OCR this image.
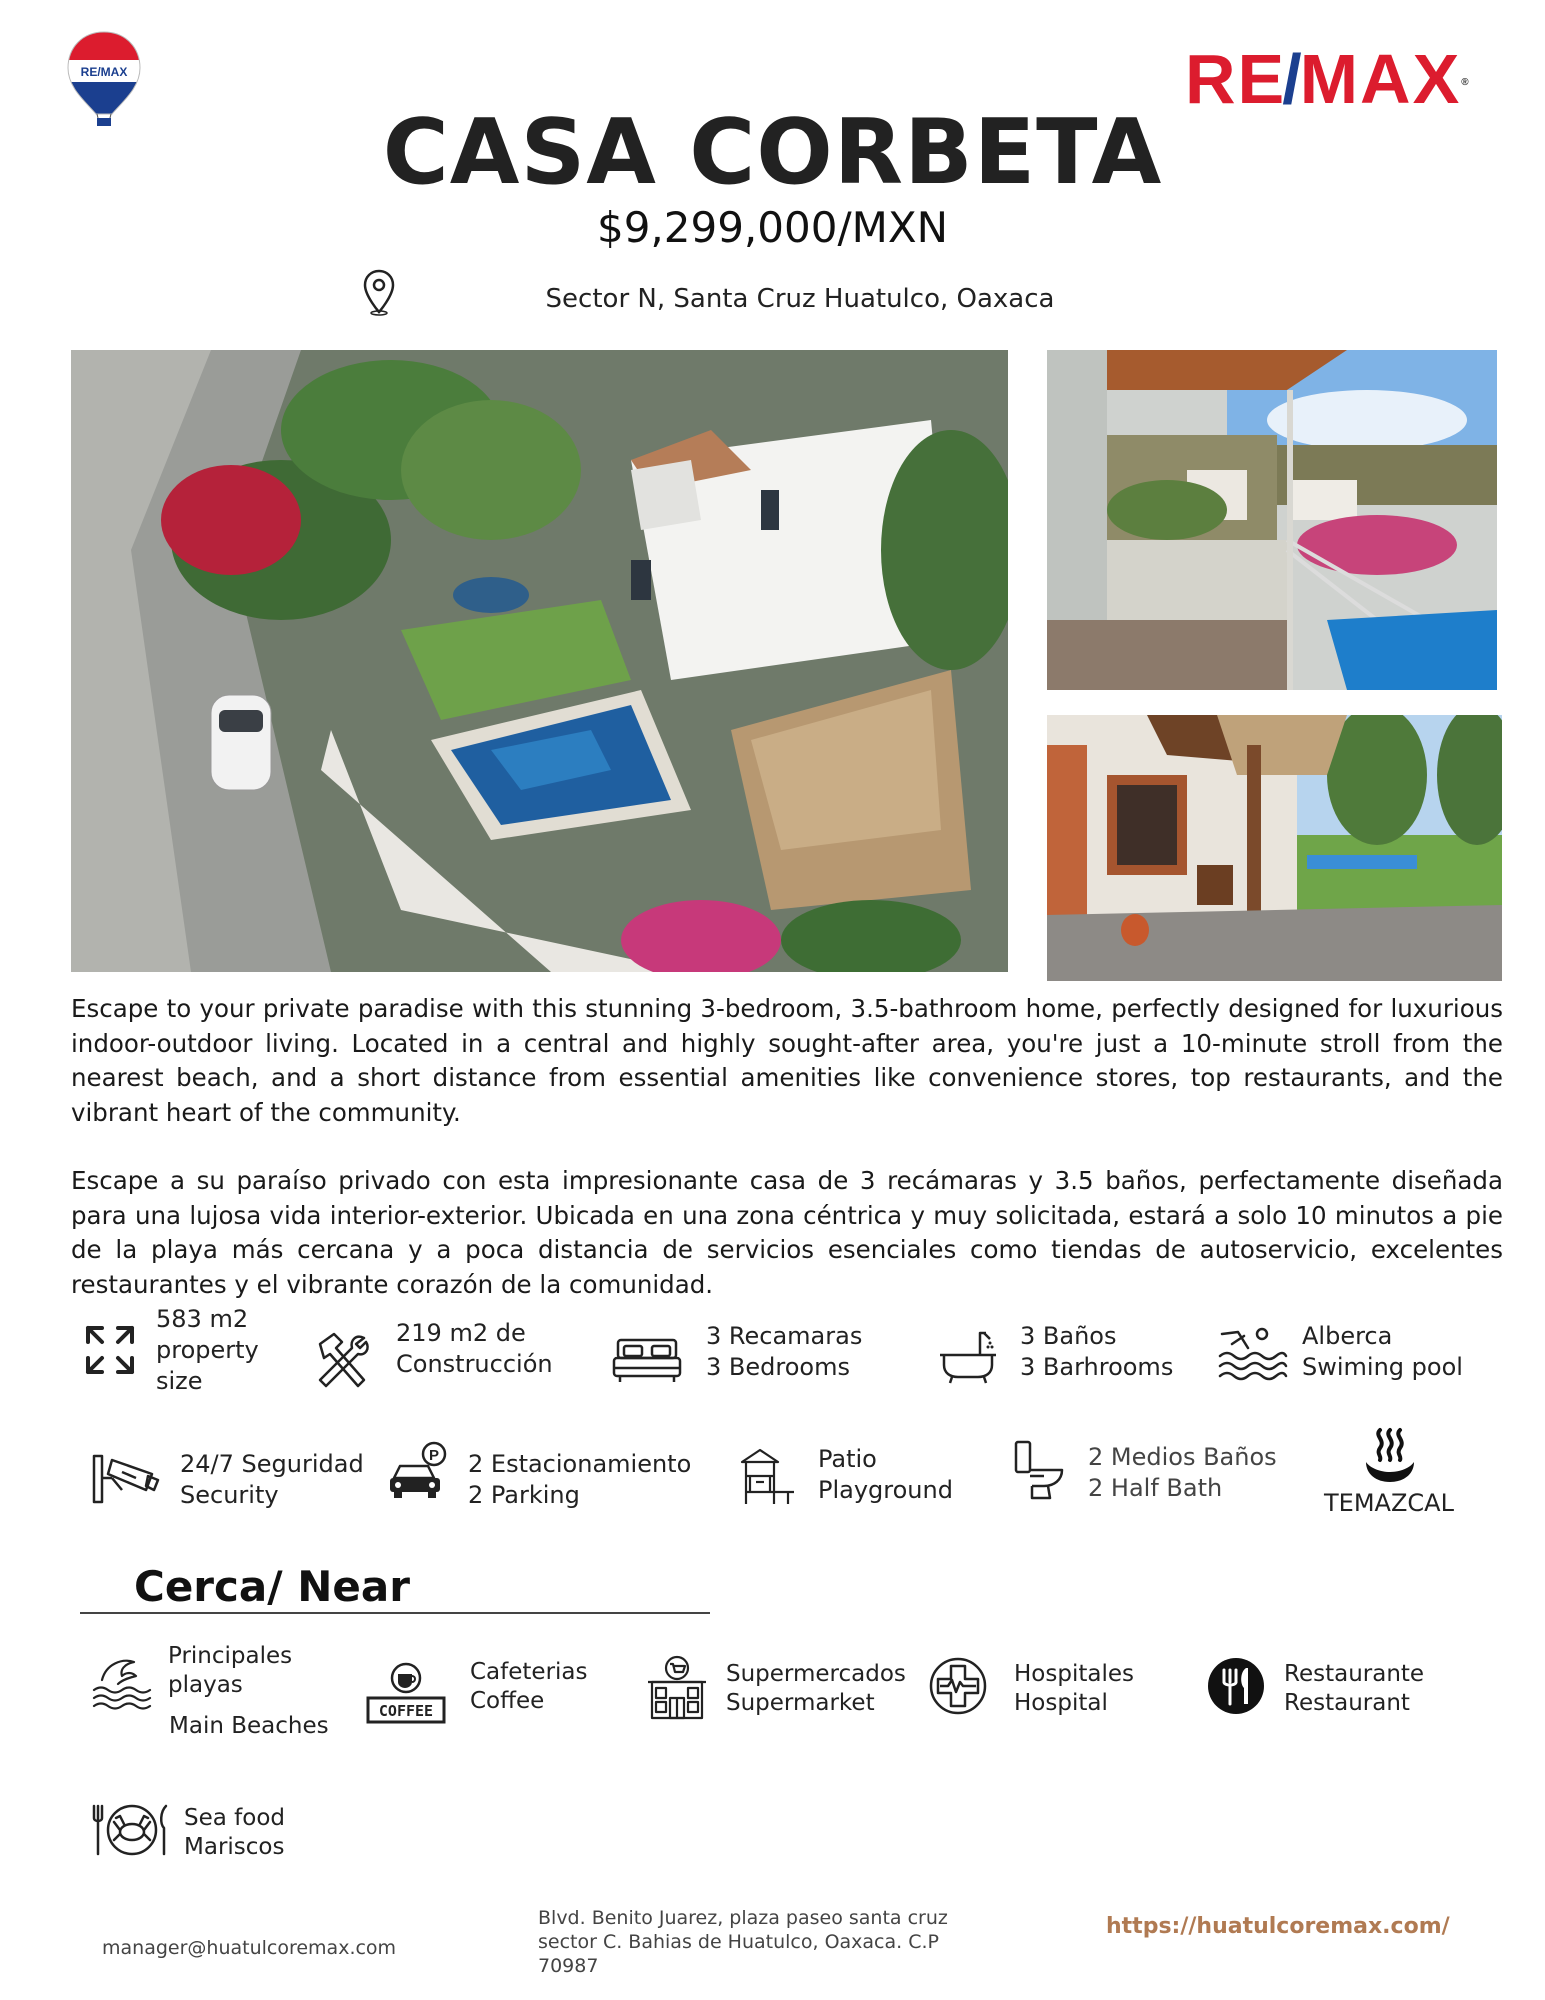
RE/MAX	RE
/
MAX ®
CASA CORBETA
$9,299,000/MXN
Sector N, Santa Cruz Huatulco, Oaxaca

Escape to your private paradise with this stunning 3-bedroom, 3.5-bathroom home, perfectly designed for luxurious indoor-outdoor living. Located in a central and highly sought-after area, you're just a 10-minute stroll from the nearest beach, and a short distance from essential amenities like convenience stores, top restaurants, and the vibrant heart of the community.

Escape a su paraíso privado con esta impresionante casa de 3 recámaras y 3.5 baños, perfectamente diseñada para una lujosa vida interior-exterior. Ubicada en una zona céntrica y muy solicitada, estará a solo 10 minutos a pie de la playa más cercana y a poca distancia de servicios esenciales como tiendas de autoservicio, excelentes restaurantes y el vibrante corazón de la comunidad.

583 m2
property
size
219 m2 de
Construcción
3 Recamaras
3 Bedrooms
3 Baños
3 Barhrooms
Alberca
Swiming pool
24/7 Seguridad
Security
P 2 Estacionamiento
2 Parking
Patio
Playground
2 Medios Baños
2 Half Bath
TEMAZCAL
Cerca/ Near
Principales
playas
Main Beaches
COFFEE
Cafeterias
Coffee
Supermercados
Supermarket
Hospitales
Hospital
Restaurante
Restaurant
Sea food
Mariscos
manager@huatulcoremax.com
Blvd. Benito Juarez, plaza paseo santa cruz
sector C. Bahias de Huatulco, Oaxaca. C.P
70987
https://huatulcoremax.com/
